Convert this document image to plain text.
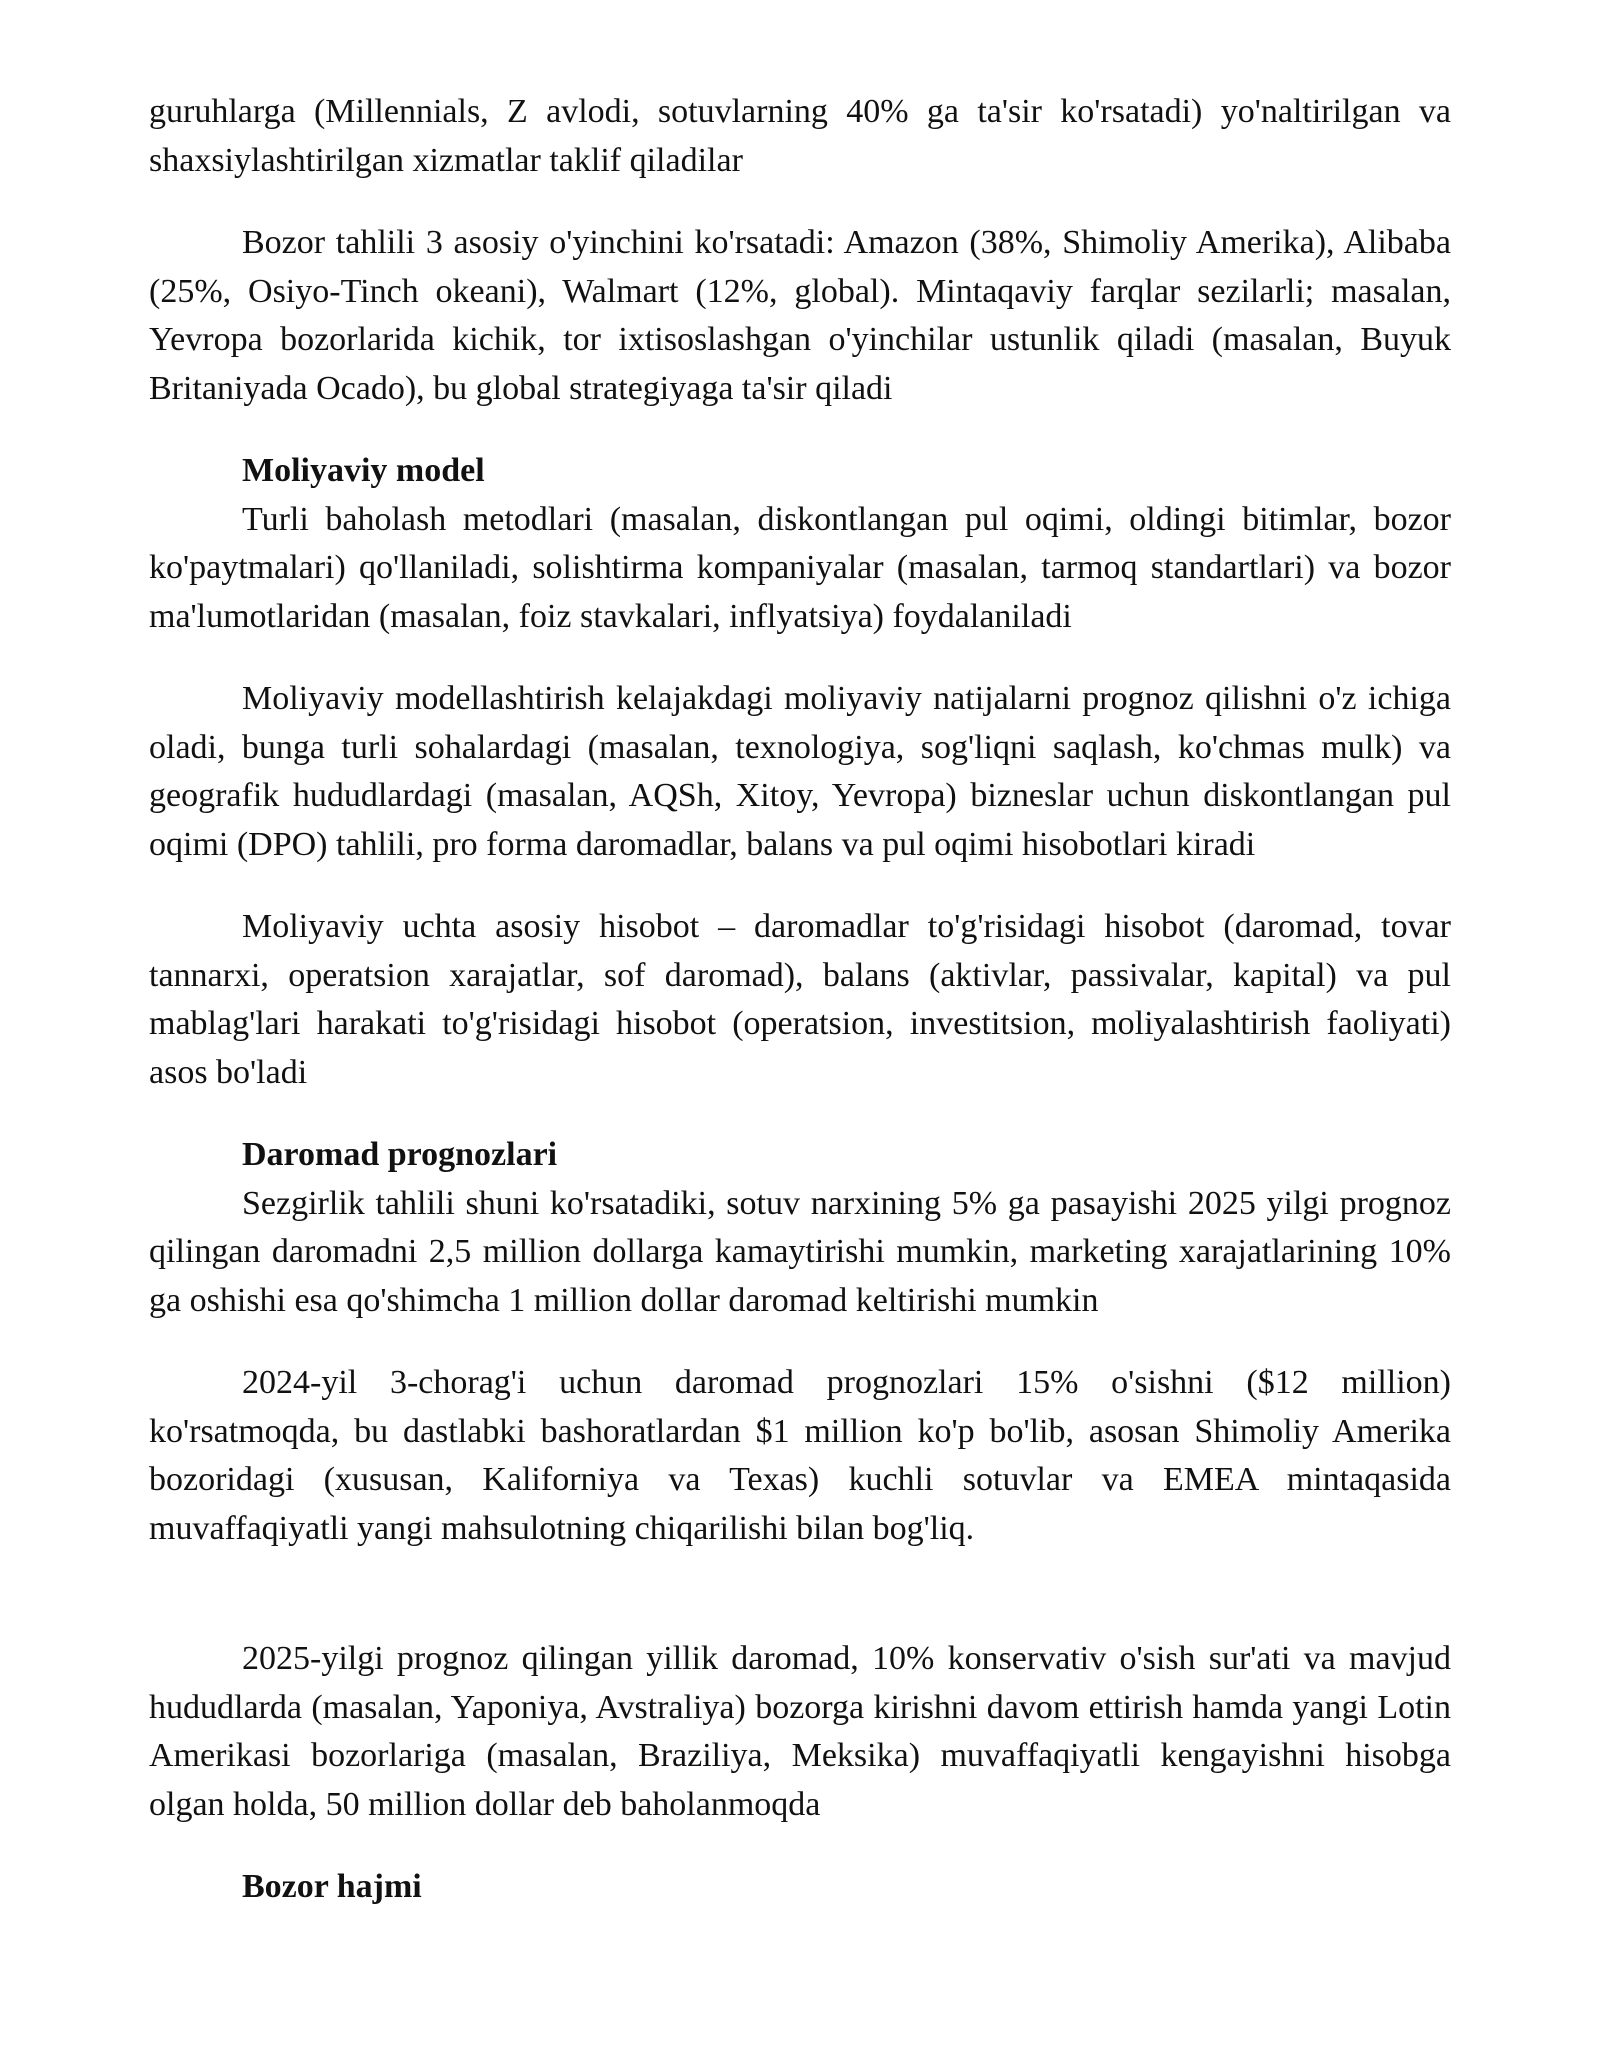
guruhlarga (Millennials, Z avlodi, sotuvlarning 40% ga ta'sir ko'rsatadi) yo'naltirilgan va shaxsiylashtirilgan xizmatlar taklif qiladilar

Bozor tahlili 3 asosiy o'yinchini ko'rsatadi: Amazon (38%, Shimoliy Amerika), Alibaba (25%, Osiyo-Tinch okeani), Walmart (12%, global). Mintaqaviy farqlar sezilarli; masalan, Yevropa bozorlarida kichik, tor ixtisoslashgan o'yinchilar ustunlik qiladi (masalan, Buyuk Britaniyada Ocado), bu global strategiyaga ta'sir qiladi

Moliyaviy model

Turli baholash metodlari (masalan, diskontlangan pul oqimi, oldingi bitimlar, bozor ko'paytmalari) qo'llaniladi, solishtirma kompaniyalar (masalan, tarmoq standartlari) va bozor ma'lumotlaridan (masalan, foiz stavkalari, inflyatsiya) foydalaniladi

Moliyaviy modellashtirish kelajakdagi moliyaviy natijalarni prognoz qilishni o'z ichiga oladi, bunga turli sohalardagi (masalan, texnologiya, sog'liqni saqlash, ko'chmas mulk) va geografik hududlardagi (masalan, AQSh, Xitoy, Yevropa) bizneslar uchun diskontlangan pul oqimi (DPO) tahlili, pro forma daromadlar, balans va pul oqimi hisobotlari kiradi

Moliyaviy uchta asosiy hisobot – daromadlar to'g'risidagi hisobot (daromad, tovar tannarxi, operatsion xarajatlar, sof daromad), balans (aktivlar, passivalar, kapital) va pul mablag'lari harakati to'g'risidagi hisobot (operatsion, investitsion, moliyalashtirish faoliyati) asos bo'ladi

Daromad prognozlari

Sezgirlik tahlili shuni ko'rsatadiki, sotuv narxining 5% ga pasayishi 2025 yilgi prognoz qilingan daromadni 2,5 million dollarga kamaytirishi mumkin, marketing xarajatlarining 10% ga oshishi esa qo'shimcha 1 million dollar daromad keltirishi mumkin

2024-yil 3-chorag'i uchun daromad prognozlari 15% o'sishni ($12 million) ko'rsatmoqda, bu dastlabki bashoratlardan $1 million ko'p bo'lib, asosan Shimoliy Amerika bozoridagi (xususan, Kaliforniya va Texas) kuchli sotuvlar va EMEA mintaqasida muvaffaqiyatli yangi mahsulotning chiqarilishi bilan bog'liq.

2025-yilgi prognoz qilingan yillik daromad, 10% konservativ o'sish sur'ati va mavjud hududlarda (masalan, Yaponiya, Avstraliya) bozorga kirishni davom ettirish hamda yangi Lotin Amerikasi bozorlariga (masalan, Braziliya, Meksika) muvaffaqiyatli kengayishni hisobga olgan holda, 50 million dollar deb baholanmoqda

Bozor hajmi
